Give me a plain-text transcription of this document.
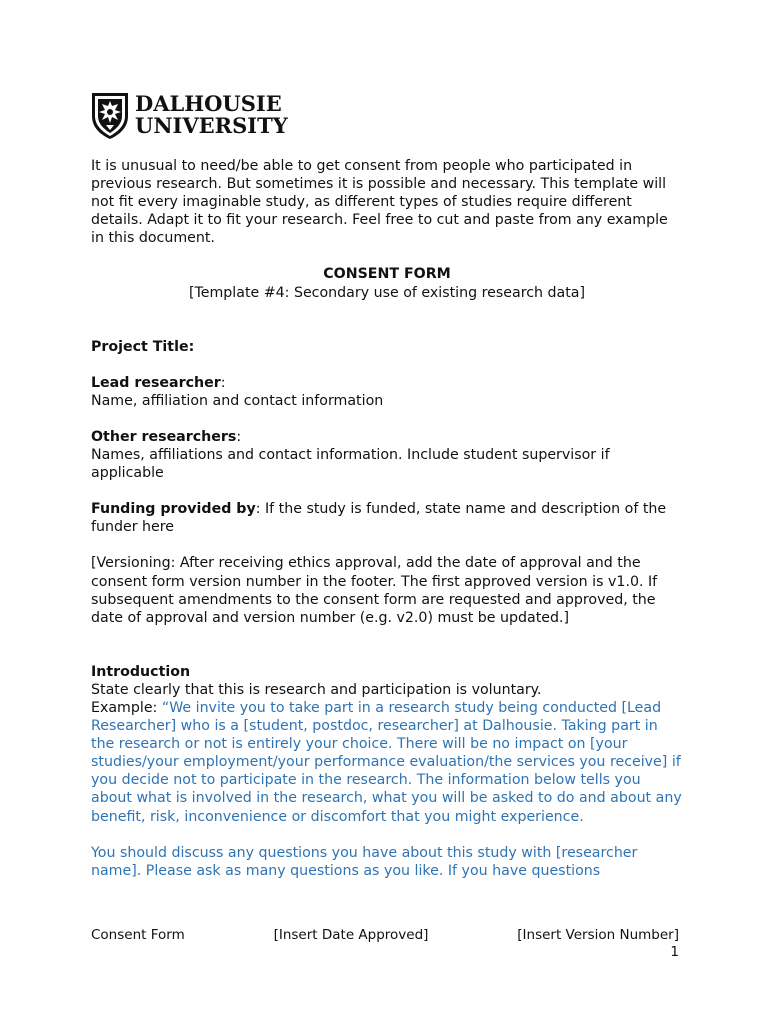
DALHOUSIE
UNIVERSITY

It is unusual to need/be able to get consent from people who participated in previous research. But sometimes it is possible and necessary. This template will not fit every imaginable study, as different types of studies require different details. Adapt it to fit your research. Feel free to cut and paste from any example in this document.

CONSENT FORM

[Template #4: Secondary use of existing research data]

Project Title:

Lead researcher:

Name, affiliation and contact information

Other researchers:

Names, affiliations and contact information. Include student supervisor if applicable

Funding provided by: If the study is funded, state name and description of the funder here

[Versioning: After receiving ethics approval, add the date of approval and the consent form version number in the footer. The first approved version is v1.0. If subsequent amendments to the consent form are requested and approved, the date of approval and version number (e.g. v2.0) must be updated.]

Introduction

State clearly that this is research and participation is voluntary.

Example: “We invite you to take part in a research study being conducted [Lead Researcher] who is a [student, postdoc, researcher] at Dalhousie. Taking part in the research or not is entirely your choice. There will be no impact on [your studies/your employment/your performance evaluation/the services you receive] if you decide not to participate in the research. The information below tells you about what is involved in the research, what you will be asked to do and about any benefit, risk, inconvenience or discomfort that you might experience.

You should discuss any questions you have about this study with [researcher name]. Please ask as many questions as you like. If you have questions

Consent Form	[Insert Date Approved]	[Insert Version Number]
1
